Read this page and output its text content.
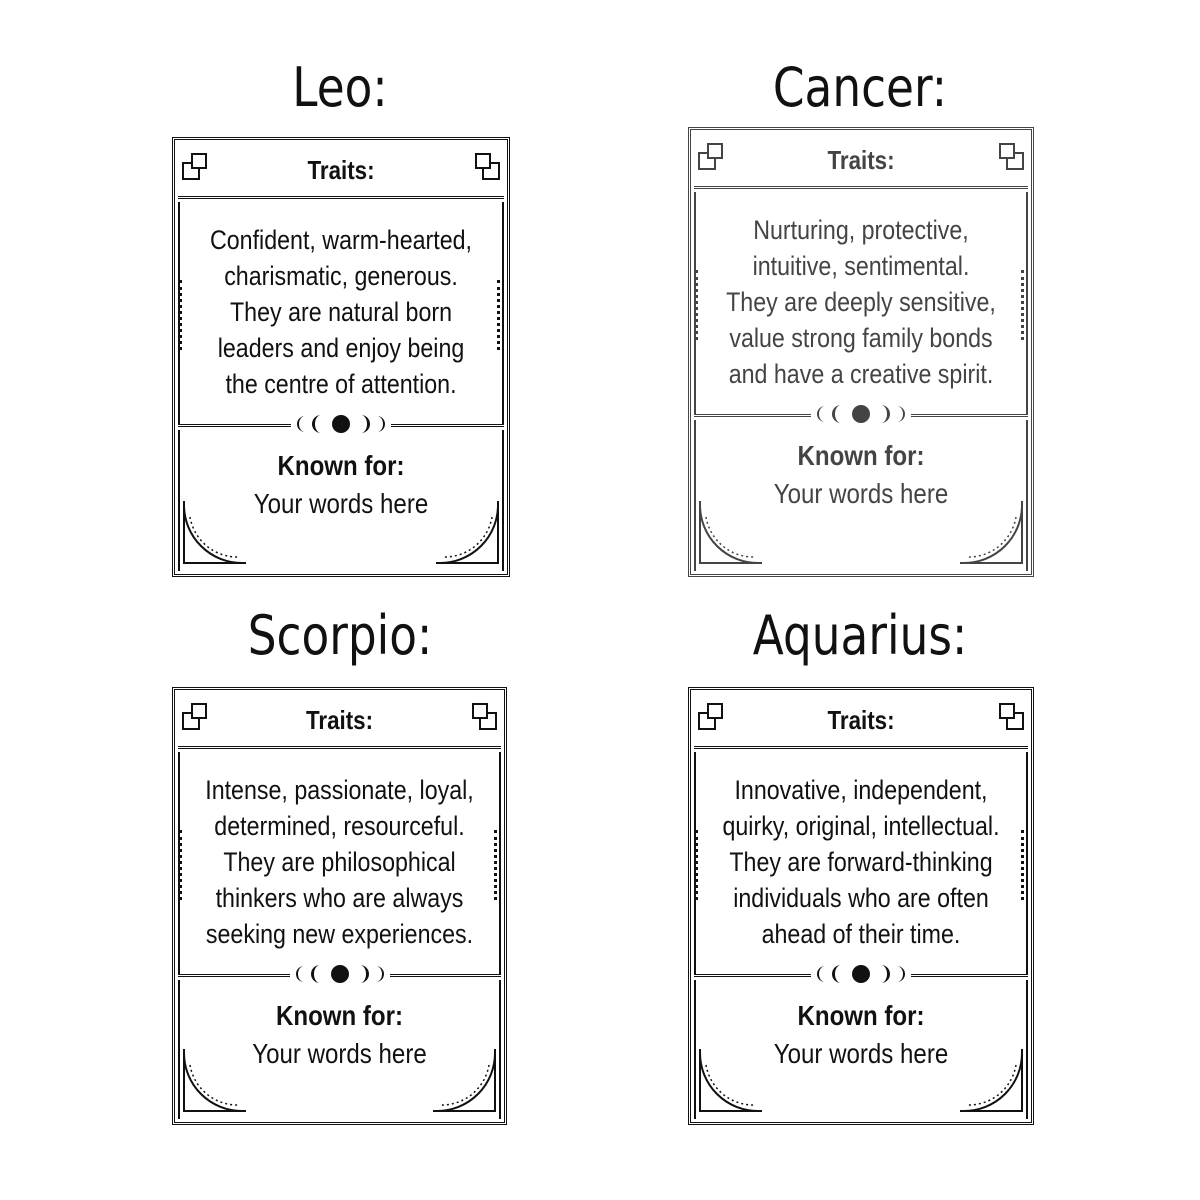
Leo:
Traits:
Confident, warm-hearted,
charismatic, generous.
They are natural born
leaders and enjoy being
the centre of attention.
Known for:
Your words here
Cancer:
Traits:
Nurturing, protective,
intuitive, sentimental.
They are deeply sensitive,
value strong family bonds
and have a creative spirit.
Known for:
Your words here
Scorpio:
Traits:
Intense, passionate, loyal,
determined, resourceful.
They are philosophical
thinkers who are always
seeking new experiences.
Known for:
Your words here
Aquarius:
Traits:
Innovative, independent,
quirky, original, intellectual.
They are forward-thinking
individuals who are often
ahead of their time.
Known for:
Your words here
